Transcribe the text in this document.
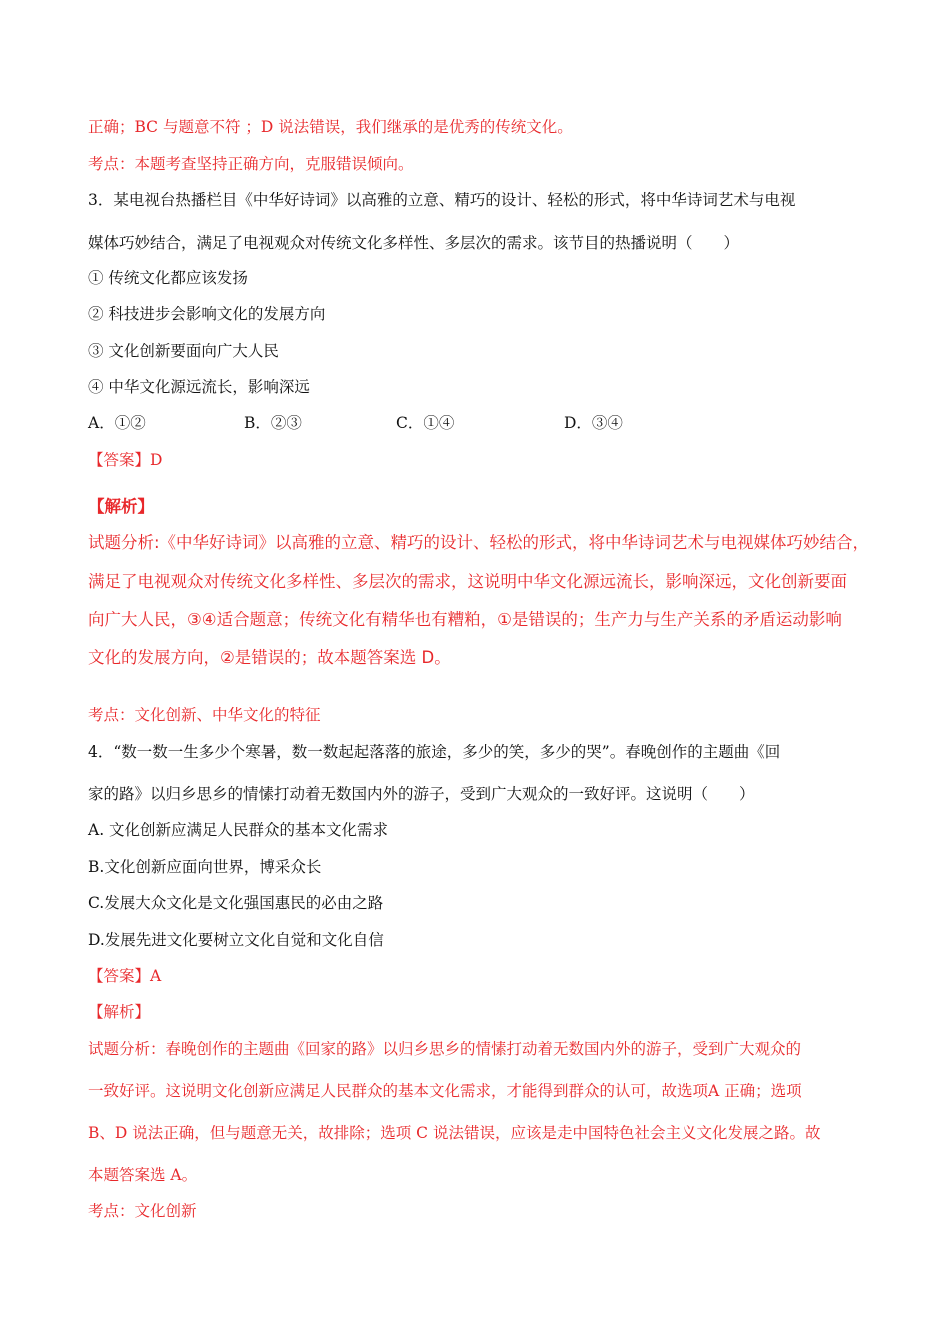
正确；BC 与题意不符 ；D 说法错误，我们继承的是优秀的传统文化。
考点：本题考查坚持正确方向，克服错误倾向。
3．某电视台热播栏目《中华好诗词》以高雅的立意、精巧的设计、轻松的形式，将中华诗词艺术与电视
媒体巧妙结合，满足了电视观众对传统文化多样性、多层次的需求。该节目的热播说明（　　）
① 传统文化都应该发扬
② 科技进步会影响文化的发展方向
③ 文化创新要面向广大人民
④ 中华文化源远流长，影响深远
A．①②	B．②③	C．①④	D．③④
【答案】D
【解析】
试题分析:《中华好诗词》以高雅的立意、精巧的设计、轻松的形式，将中华诗词艺术与电视媒体巧妙结合，
满足了电视观众对传统文化多样性、多层次的需求，这说明中华文化源远流长，影响深远，文化创新要面
向广大人民，③④适合题意；传统文化有精华也有糟粕，①是错误的；生产力与生产关系的矛盾运动影响
文化的发展方向，②是错误的；故本题答案选 D。
考点：文化创新、中华文化的特征
4．“数一数一生多少个寒暑，数一数起起落落的旅途，多少的笑，多少的哭”。春晚创作的主题曲《回
家的路》以归乡思乡的情愫打动着无数国内外的游子，受到广大观众的一致好评。这说明（　　）
A. 文化创新应满足人民群众的基本文化需求
B.文化创新应面向世界，博采众长
C.发展大众文化是文化强国惠民的必由之路
D.发展先进文化要树立文化自觉和文化自信
【答案】A
【解析】
试题分析：春晚创作的主题曲《回家的路》以归乡思乡的情愫打动着无数国内外的游子，受到广大观众的
一致好评。这说明文化创新应满足人民群众的基本文化需求，才能得到群众的认可，故选项A 正确；选项
B、D 说法正确，但与题意无关，故排除；选项 C 说法错误，应该是走中国特色社会主义文化发展之路。故
本题答案选 A。
考点：文化创新
